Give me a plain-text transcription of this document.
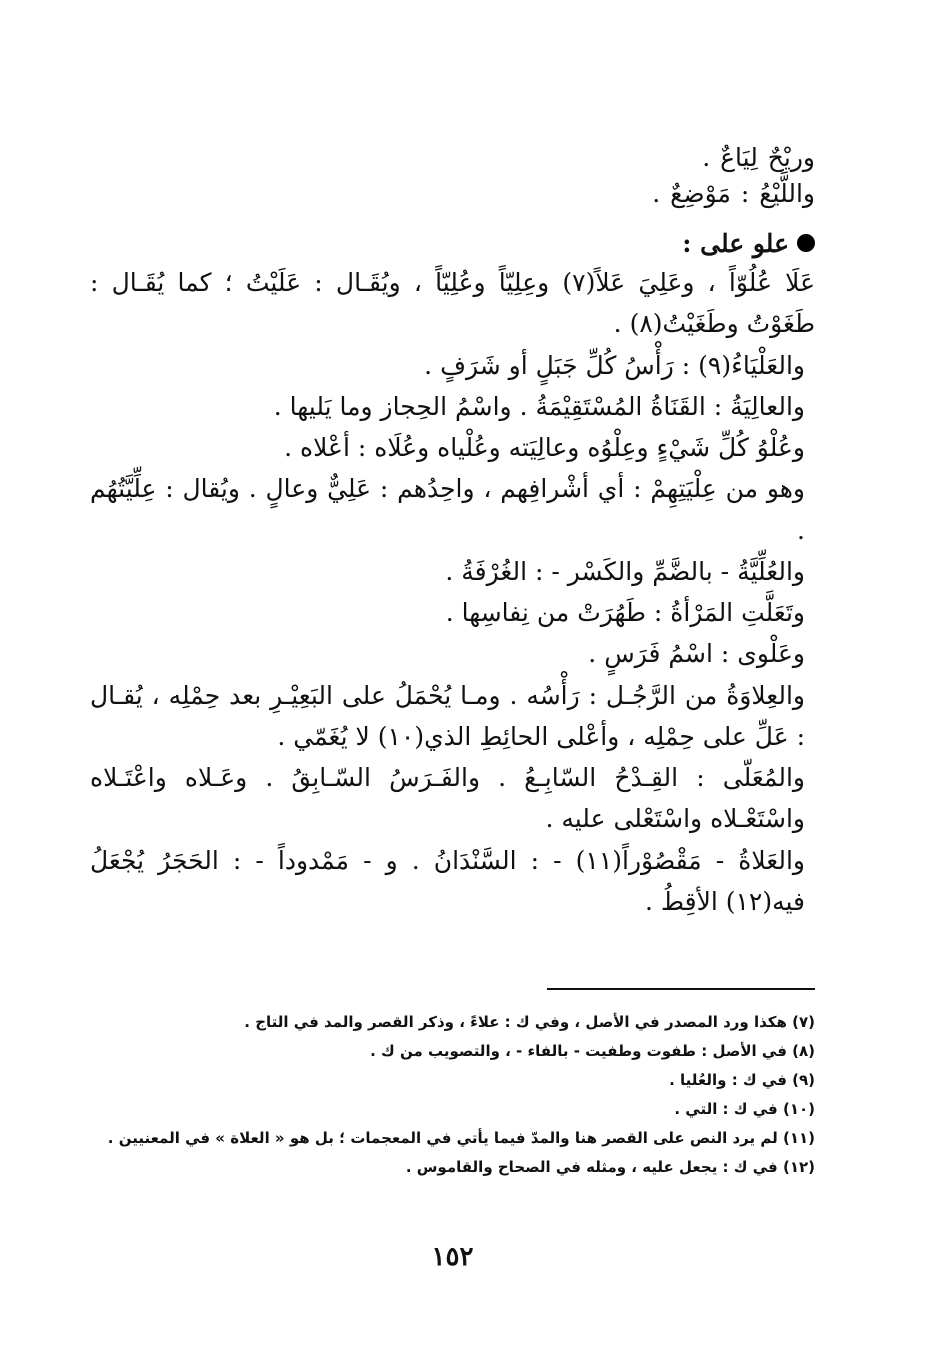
وريْحٌ لِيَاعٌ .

واللَّيْعُ : مَوْضِعٌ .

علو على :

عَلَا عُلُوّاً ، وعَلِيَ عَلاً(٧) وعِلِيّاً وعُلِيّاً ، ويُقَـال : عَلَيْتُ ؛ كما يُقَـال : طَغَوْتُ وطَغَيْتُ(٨) .

والعَلْيَاءُ(٩) : رَأْسُ كُلِّ جَبَلٍ أو شَرَفٍ .

والعالِيَةُ : القَنَاةُ المُسْتَقِيْمَةُ . واسْمُ الحِجاز وما يَليها .

وعُلْوُ كُلِّ شَيْءٍ وعِلْوُه وعالِيَته وعُلْياه وعُلَاه : أعْلاه .

وهو من عِلْيَتِهِمْ : أي أشْرافِهم ، واحِدُهم : عَلِيٌّ وعالٍ . ويُقال : عِلِّيَّتُهُم .

والعُلِّيَّةُ - بالضَّمِّ والكَسْر - : الغُرْفَةُ .

وتَعَلَّتِ المَرْأةُ : طَهُرَتْ من نِفاسِها .

وعَلْوى : اسْمُ فَرَسٍ .

والعِلاوَةُ من الرَّجُـل : رَأْسُه . ومـا يُحْمَلُ على البَعِيْـرِ بعد حِمْلِه ، يُقـال : عَلِّ على حِمْلِه ، وأعْلى الحائِطِ الذي(١٠) لا يُغَمّي .

والمُعَلّى : القِـدْحُ السّابِـعُ . والفَـرَسُ السّـابِقُ . وعَـلاه واعْتَـلاه واسْتَعْـلاه واسْتَعْلى عليه .

والعَلاةُ - مَقْصُوْراً(١١) - : السَّنْدَانُ . و - مَمْدوداً - : الحَجَرُ يُجْعَلُ فيه(١٢) الأقِطُ .

(٧) هكذا ورد المصدر في الأصل ، وفي ك : علاءً ، وذكر القصر والمد في التاج .

(٨) في الأصل : طفوت وطفيت - بالفاء - ، والتصويب من ك .

(٩) في ك : والعُليا .

(١٠) في ك : التي .

(١١) لم يرد النص على القصر هنا والمدّ فيما يأتي في المعجمات ؛ بل هو « العلاة » في المعنيين .

(١٢) في ك : يجعل عليه ، ومثله في الصحاح والقاموس .

١٥٢
